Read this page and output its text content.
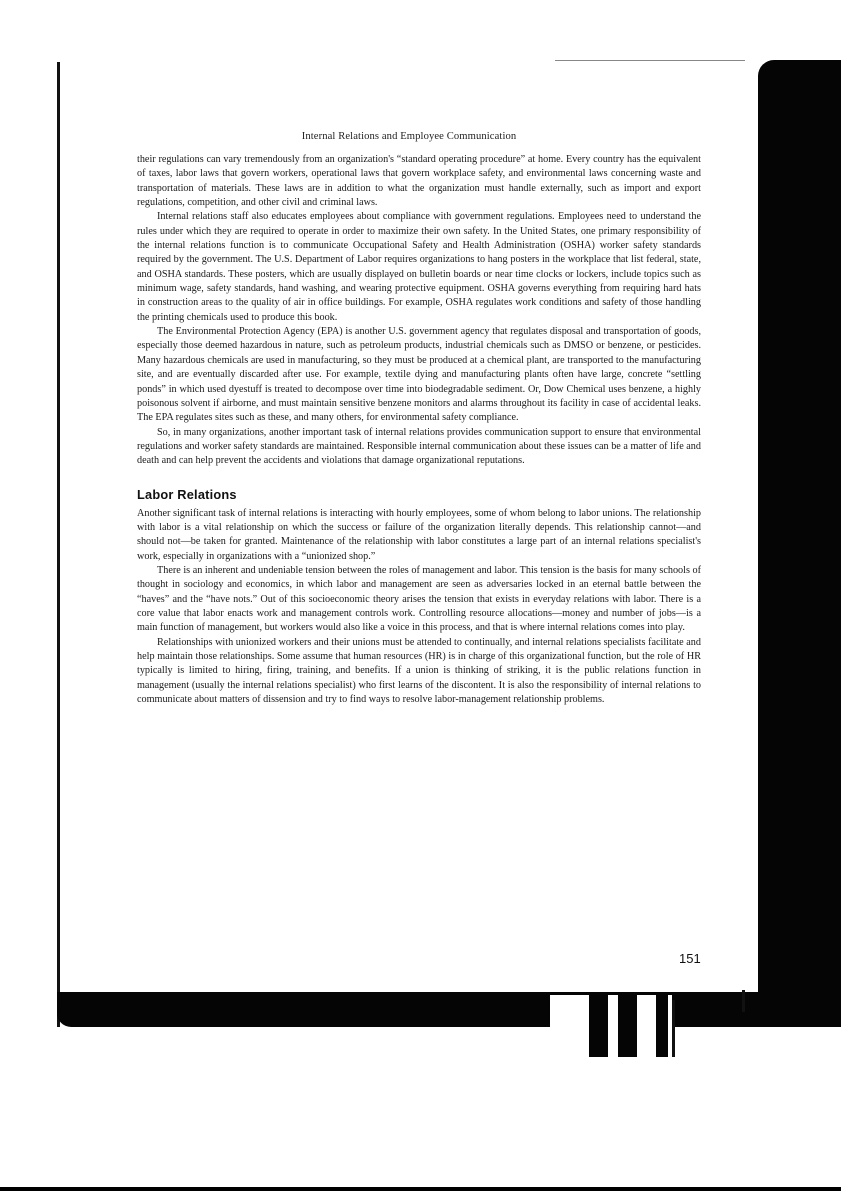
Internal Relations and Employee Communication

their regulations can vary tremendously from an organization's “standard operating procedure” at home. Every country has the equivalent of taxes, labor laws that govern workers, operational laws that govern workplace safety, and environmental laws concerning waste and transportation of materials. These laws are in addition to what the organization must handle externally, such as import and export regulations, competition, and other civil and criminal laws.

Internal relations staff also educates employees about compliance with government regulations. Employees need to understand the rules under which they are required to operate in order to maximize their own safety. In the United States, one primary responsibility of the internal relations function is to communicate Occupational Safety and Health Administration (OSHA) worker safety standards required by the government. The U.S. Department of Labor requires organizations to hang posters in the workplace that list federal, state, and OSHA standards. These posters, which are usually displayed on bulletin boards or near time clocks or lockers, include topics such as minimum wage, safety standards, hand washing, and wearing protective equipment. OSHA governs everything from requiring hard hats in construction areas to the quality of air in office buildings. For example, OSHA regulates work conditions and safety of those handling the printing chemicals used to produce this book.

The Environmental Protection Agency (EPA) is another U.S. government agency that regulates disposal and transportation of goods, especially those deemed hazardous in nature, such as petroleum products, industrial chemicals such as DMSO or benzene, or pesticides. Many hazardous chemicals are used in manufacturing, so they must be produced at a chemical plant, are transported to the manufacturing site, and are eventually discarded after use. For example, textile dying and manufacturing plants often have large, concrete “settling ponds” in which used dyestuff is treated to decompose over time into biodegradable sediment. Or, Dow Chemical uses benzene, a highly poisonous solvent if airborne, and must maintain sensitive benzene monitors and alarms throughout its facility in case of accidental leaks. The EPA regulates sites such as these, and many others, for environmental safety compliance.

So, in many organizations, another important task of internal relations provides communication support to ensure that environmental regulations and worker safety standards are maintained. Responsible internal communication about these issues can be a matter of life and death and can help prevent the accidents and violations that damage organizational reputations.

Labor Relations

Another significant task of internal relations is interacting with hourly employees, some of whom belong to labor unions. The relationship with labor is a vital relationship on which the success or failure of the organization literally depends. This relationship cannot—and should not—be taken for granted. Maintenance of the relationship with labor constitutes a large part of an internal relations specialist's work, especially in organizations with a “unionized shop.”

There is an inherent and undeniable tension between the roles of management and labor. This tension is the basis for many schools of thought in sociology and economics, in which labor and management are seen as adversaries locked in an eternal battle between the “haves” and the “have nots.” Out of this socioeconomic theory arises the tension that exists in everyday relations with labor. There is a core value that labor enacts work and management controls work. Controlling resource allocations—money and number of jobs—is a main function of management, but workers would also like a voice in this process, and that is where internal relations comes into play.

Relationships with unionized workers and their unions must be attended to continually, and internal relations specialists facilitate and help maintain those relationships. Some assume that human resources (HR) is in charge of this organizational function, but the role of HR typically is limited to hiring, firing, training, and benefits. If a union is thinking of striking, it is the public relations function in management (usually the internal relations specialist) who first learns of the discontent. It is also the responsibility of internal relations to communicate about matters of dissension and try to find ways to resolve labor-management relationship problems.

151
